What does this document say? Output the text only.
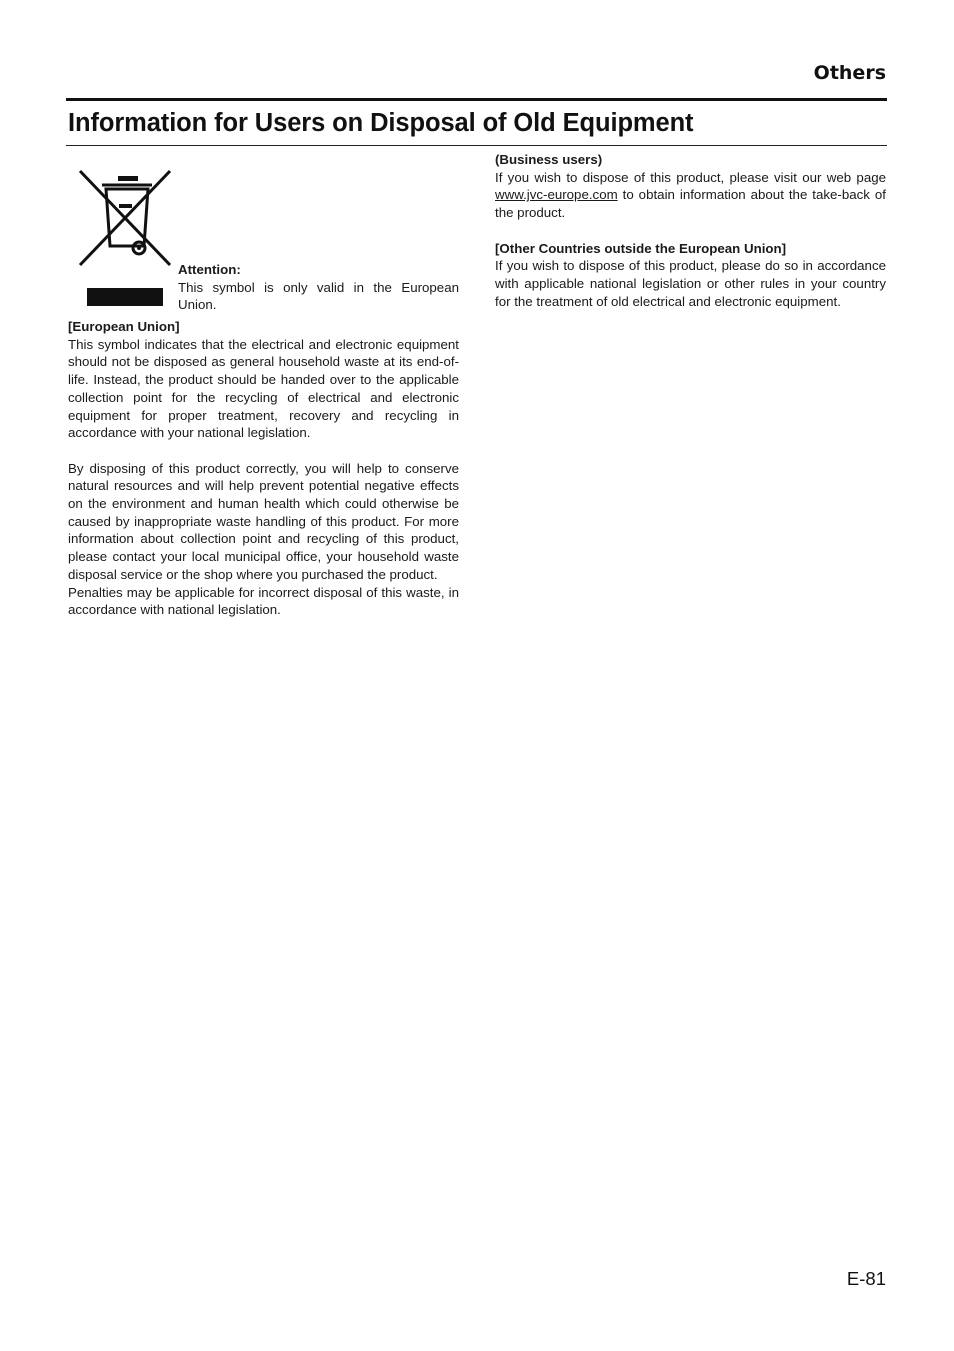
Others
Information for Users on Disposal of Old Equipment
Attention:
This symbol is only valid in the European Union.
[European Union]

This symbol indicates that the electrical and electronic equipment should not be disposed as general household waste at its end-of-life. Instead, the product should be handed over to the applicable collection point for the recycling of electrical and electronic equipment for proper treatment, recovery and recycling in accordance with your national legislation.

By disposing of this product correctly, you will help to conserve natural resources and will help prevent potential negative effects on the environment and human health which could otherwise be caused by inappropriate waste handling of this product. For more information about collection point and recycling of this product, please contact your local municipal office, your household waste disposal service or the shop where you purchased the product.

Penalties may be applicable for incorrect disposal of this waste, in accordance with national legislation.

(Business users)

If you wish to dispose of this product, please visit our web page www.jvc-europe.com to obtain information about the take-back of the product.

[Other Countries outside the European Union]

If you wish to dispose of this product, please do so in accordance with applicable national legislation or other rules in your country for the treatment of old electrical and electronic equipment.

E-81
